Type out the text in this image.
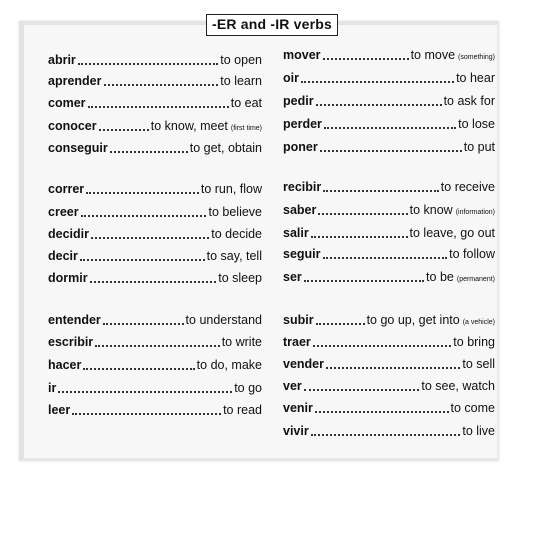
-ER and -IR verbs
abrir	to open
aprender	to learn
comer	to eat
conocer	to know, meet (first time)
conseguir	to get, obtain
correr	to run, flow
creer	to believe
decidir	to decide
decir	to say, tell
dormir	to sleep
entender	to understand
escribir	to write
hacer	to do, make
ir	to go
leer	to read
mover	to move (something)
oir	to hear
pedir	to ask for
perder	to lose
poner	to put
recibir	to receive
saber	to know (information)
salir	to leave, go out
seguir	to follow
ser	to be (permanent)
subir	to go up, get into (a vehicle)
traer	to bring
vender	to sell
ver	to see, watch
venir	to come
vivir	to live
